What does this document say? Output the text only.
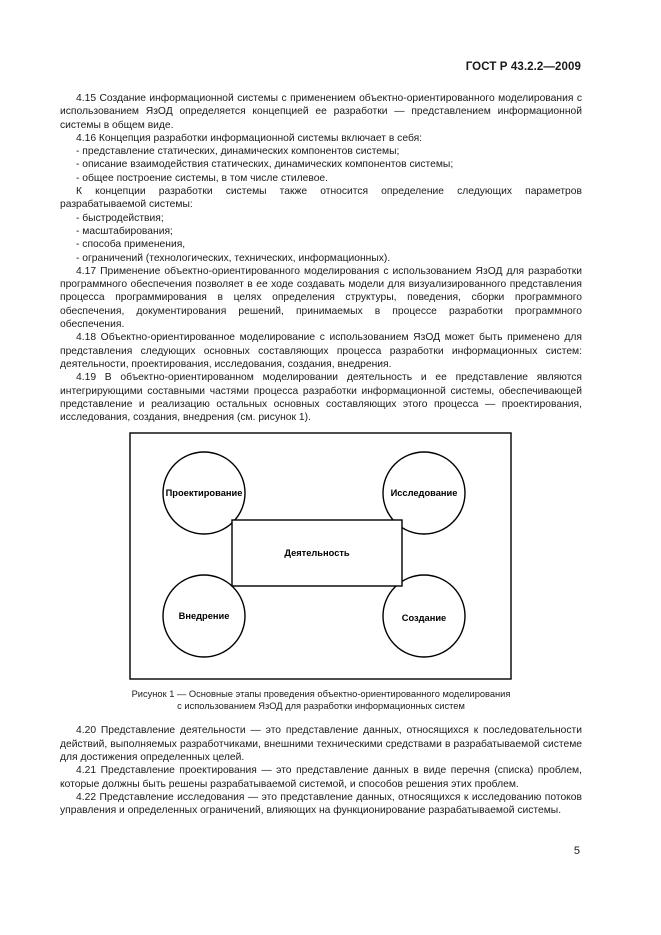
ГОСТ Р 43.2.2—2009

4.15 Создание информационной системы с применением объектно-ориентированного моделирования с использованием ЯзОД определяется концепцией ее разработки — представлением информационной системы в общем виде.

4.16 Концепция разработки информационной системы включает в себя:

- представление статических, динамических компонентов системы;

- описание взаимодействия статических, динамических компонентов системы;

- общее построение системы, в том числе стилевое.

К концепции разработки системы также относится определение следующих параметров разрабатываемой системы:

- быстродействия;

- масштабирования;

- способа применения,

- ограничений (технологических, технических, информационных).

4.17 Применение объектно-ориентированного моделирования с использованием ЯзОД для разработки программного обеспечения позволяет в ее ходе создавать модели для визуализированного представления процесса программирования в целях определения структуры, поведения, сборки программного обеспечения, документирования решений, принимаемых в процессе разработки программного обеспечения.

4.18 Объектно-ориентированное моделирование с использованием ЯзОД может быть применено для представления следующих основных составляющих процесса разработки информационных систем: деятельности, проектирования, исследования, создания, внедрения.

4.19 В объектно-ориентированном моделировании деятельность и ее представление являются интегрирующими составными частями процесса разработки информационной системы, обеспечивающей представление и реализацию остальных основных составляющих этого процесса — проектирования, исследования, создания, внедрения (см. рисунок 1).

Проектирование	Исследование
Деятельность
Внедрение	Создание
Рисунок 1 — Основные этапы проведения объектно-ориентированного моделирования
с использованием ЯзОД для разработки информационных систем

4.20 Представление деятельности — это представление данных, относящихся к последовательности действий, выполняемых разработчиками, внешними техническими средствами в разрабатываемой системе для достижения определенных целей.

4.21 Представление проектирования — это представление данных в виде перечня (списка) проблем, которые должны быть решены разрабатываемой системой, и способов решения этих проблем.

4.22 Представление исследования — это представление данных, относящихся к исследованию потоков управления и определенных ограничений, влияющих на функционирование разрабатываемой системы.

5
